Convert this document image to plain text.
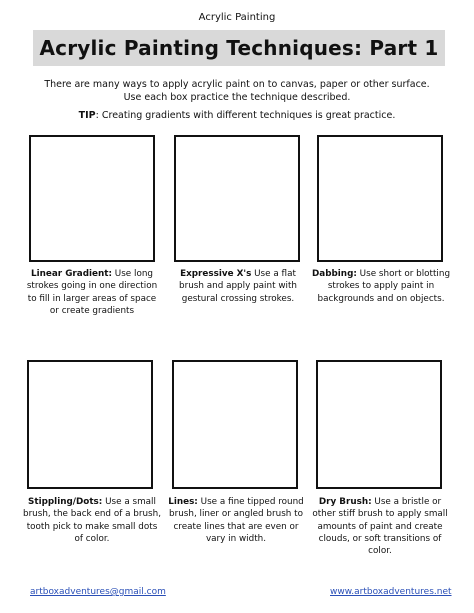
Acrylic Painting
Acrylic Painting Techniques: Part 1
There are many ways to apply acrylic paint on to canvas, paper or other surface.
Use each box practice the technique described.
TIP: Creating gradients with different techniques is great practice.
Linear Gradient: Use long strokes going in one direction to fill in larger areas of space or create gradients
Expressive X's Use a flat brush and apply paint with gestural crossing strokes.
Dabbing: Use short or blotting strokes to apply paint in backgrounds and on objects.
Stippling/Dots: Use a small brush, the back end of a brush, tooth pick to make small dots of color.
Lines: Use a fine tipped round brush, liner or angled brush to create lines that are even or vary in width.
Dry Brush: Use a bristle or other stiff brush to apply small amounts of paint and create clouds, or soft transitions of color.
artboxadventures@gmail.com	www.artboxadventures.net
